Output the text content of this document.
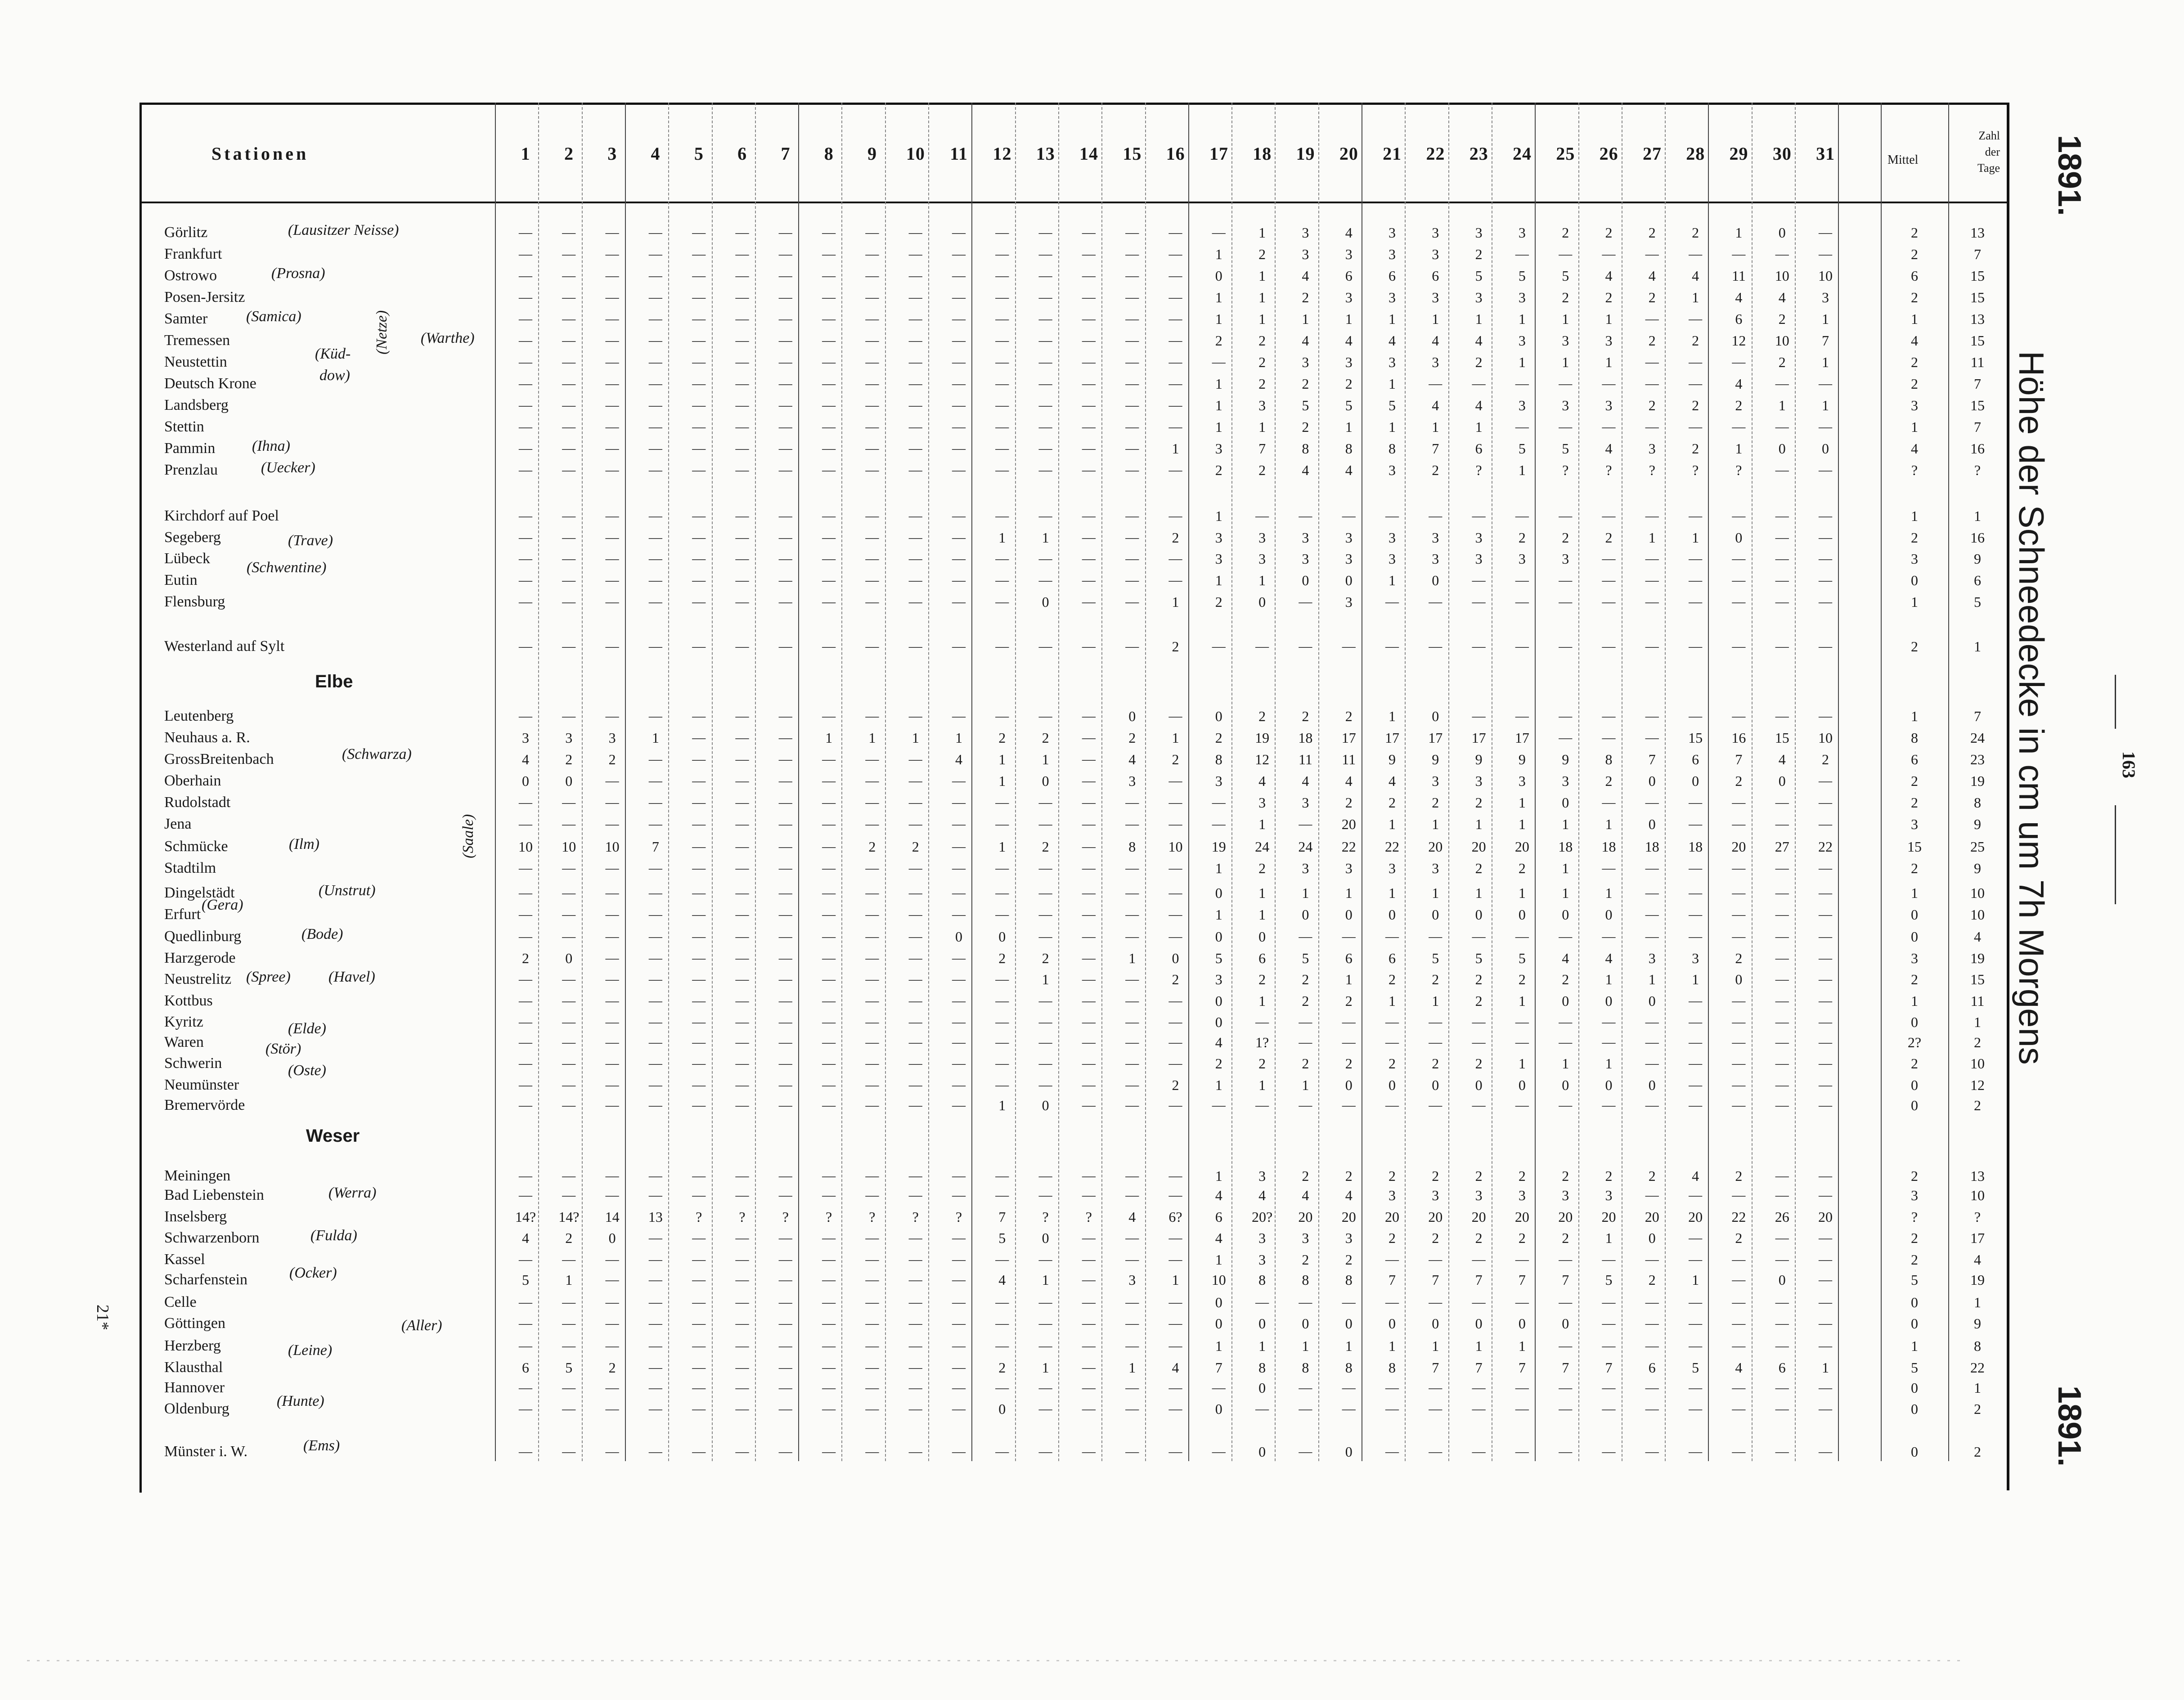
Stationen	1	2	3	4	5	6	7	8	9	10	11	12	13	14	15	16	17	18	19	20	21	22	23	24	25	26	27	28	29	30	31	Mittel
Zahl
der
Tage
Görlitz	—	—	—	—	—	—	—	—	—	—	—	—	—	—	—	—	—	1	3	4	3	3	3	3	2	2	2	2	1	0	—	2	13
Frankfurt	—	—	—	—	—	—	—	—	—	—	—	—	—	—	—	—	1	2	3	3	3	3	2	—	—	—	—	—	—	—	—	2	7
Ostrowo	—	—	—	—	—	—	—	—	—	—	—	—	—	—	—	—	0	1	4	6	6	6	5	5	5	4	4	4	11	10	10	6	15
Posen-Jersitz	—	—	—	—	—	—	—	—	—	—	—	—	—	—	—	—	1	1	2	3	3	3	3	3	2	2	2	1	4	4	3	2	15
Samter	—	—	—	—	—	—	—	—	—	—	—	—	—	—	—	—	1	1	1	1	1	1	1	1	1	1	—	—	6	2	1	1	13
Tremessen	—	—	—	—	—	—	—	—	—	—	—	—	—	—	—	—	2	2	4	4	4	4	4	3	3	3	2	2	12	10	7	4	15
Neustettin	—	—	—	—	—	—	—	—	—	—	—	—	—	—	—	—	—	2	3	3	3	3	2	1	1	1	—	—	—	2	1	2	11
Deutsch Krone	—	—	—	—	—	—	—	—	—	—	—	—	—	—	—	—	1	2	2	2	1	—	—	—	—	—	—	—	4	—	—	2	7
Landsberg	—	—	—	—	—	—	—	—	—	—	—	—	—	—	—	—	1	3	5	5	5	4	4	3	3	3	2	2	2	1	1	3	15
Stettin	—	—	—	—	—	—	—	—	—	—	—	—	—	—	—	—	1	1	2	1	1	1	1	—	—	—	—	—	—	—	—	1	7
Pammin	—	—	—	—	—	—	—	—	—	—	—	—	—	—	—	1	3	7	8	8	8	7	6	5	5	4	3	2	1	0	0	4	16
Prenzlau	—	—	—	—	—	—	—	—	—	—	—	—	—	—	—	—	2	2	4	4	3	2	?	1	?	?	?	?	?	—	—	?	?
Kirchdorf auf Poel	—	—	—	—	—	—	—	—	—	—	—	—	—	—	—	—	1	—	—	—	—	—	—	—	—	—	—	—	—	—	—	1	1
Segeberg	—	—	—	—	—	—	—	—	—	—	—	1	1	—	—	2	3	3	3	3	3	3	3	2	2	2	1	1	0	—	—	2	16
Lübeck	—	—	—	—	—	—	—	—	—	—	—	—	—	—	—	—	3	3	3	3	3	3	3	3	3	—	—	—	—	—	—	3	9
Eutin	—	—	—	—	—	—	—	—	—	—	—	—	—	—	—	—	1	1	0	0	1	0	—	—	—	—	—	—	—	—	—	0	6
Flensburg	—	—	—	—	—	—	—	—	—	—	—	—	0	—	—	1	2	0	—	3	—	—	—	—	—	—	—	—	—	—	—	1	5
Westerland auf Sylt	—	—	—	—	—	—	—	—	—	—	—	—	—	—	—	2	—	—	—	—	—	—	—	—	—	—	—	—	—	—	—	2	1
Leutenberg	—	—	—	—	—	—	—	—	—	—	—	—	—	—	0	—	0	2	2	2	1	0	—	—	—	—	—	—	—	—	—	1	7
Neuhaus a. R.	3	3	3	1	—	—	—	1	1	1	1	2	2	—	2	1	2	19	18	17	17	17	17	17	—	—	—	15	16	15	10	8	24
GrossBreitenbach	4	2	2	—	—	—	—	—	—	—	4	1	1	—	4	2	8	12	11	11	9	9	9	9	9	8	7	6	7	4	2	6	23
Oberhain	0	0	—	—	—	—	—	—	—	—	—	1	0	—	3	—	3	4	4	4	4	3	3	3	3	2	0	0	2	0	—	2	19
Rudolstadt	—	—	—	—	—	—	—	—	—	—	—	—	—	—	—	—	—	3	3	2	2	2	2	1	0	—	—	—	—	—	—	2	8
Jena	—	—	—	—	—	—	—	—	—	—	—	—	—	—	—	—	—	1	—	20	1	1	1	1	1	1	0	—	—	—	—	3	9
Schmücke	10	10	10	7	—	—	—	—	2	2	—	1	2	—	8	10	19	24	24	22	22	20	20	20	18	18	18	18	20	27	22	15	25
Stadtilm	—	—	—	—	—	—	—	—	—	—	—	—	—	—	—	—	1	2	3	3	3	3	2	2	1	—	—	—	—	—	—	2	9
Dingelstädt	—	—	—	—	—	—	—	—	—	—	—	—	—	—	—	—	0	1	1	1	1	1	1	1	1	1	—	—	—	—	—	1	10
Erfurt	—	—	—	—	—	—	—	—	—	—	—	—	—	—	—	—	1	1	0	0	0	0	0	0	0	0	—	—	—	—	—	0	10
Quedlinburg	—	—	—	—	—	—	—	—	—	—	0	0	—	—	—	—	0	0	—	—	—	—	—	—	—	—	—	—	—	—	—	0	4
Harzgerode	2	0	—	—	—	—	—	—	—	—	—	2	2	—	1	0	5	6	5	6	6	5	5	5	4	4	3	3	2	—	—	3	19
Neustrelitz	—	—	—	—	—	—	—	—	—	—	—	—	1	—	—	2	3	2	2	1	2	2	2	2	2	1	1	1	0	—	—	2	15
Kottbus	—	—	—	—	—	—	—	—	—	—	—	—	—	—	—	—	0	1	2	2	1	1	2	1	0	0	0	—	—	—	—	1	11
Kyritz	—	—	—	—	—	—	—	—	—	—	—	—	—	—	—	—	0	—	—	—	—	—	—	—	—	—	—	—	—	—	—	0	1
Waren	—	—	—	—	—	—	—	—	—	—	—	—	—	—	—	—	4	1?	—	—	—	—	—	—	—	—	—	—	—	—	—	2?	2
Schwerin	—	—	—	—	—	—	—	—	—	—	—	—	—	—	—	—	2	2	2	2	2	2	2	1	1	1	—	—	—	—	—	2	10
Neumünster	—	—	—	—	—	—	—	—	—	—	—	—	—	—	—	2	1	1	1	0	0	0	0	0	0	0	0	—	—	—	—	0	12
Bremervörde	—	—	—	—	—	—	—	—	—	—	—	1	0	—	—	—	—	—	—	—	—	—	—	—	—	—	—	—	—	—	—	0	2
Meiningen	—	—	—	—	—	—	—	—	—	—	—	—	—	—	—	—	1	3	2	2	2	2	2	2	2	2	2	4	2	—	—	2	13
Bad Liebenstein	—	—	—	—	—	—	—	—	—	—	—	—	—	—	—	—	4	4	4	4	3	3	3	3	3	3	—	—	—	—	—	3	10
Inselsberg	14?	14?	14	13	?	?	?	?	?	?	?	7	?	?	4	6?	6	20?	20	20	20	20	20	20	20	20	20	20	22	26	20	?	?
Schwarzenborn	4	2	0	—	—	—	—	—	—	—	—	5	0	—	—	—	4	3	3	3	2	2	2	2	2	1	0	—	2	—	—	2	17
Kassel	—	—	—	—	—	—	—	—	—	—	—	—	—	—	—	—	1	3	2	2	—	—	—	—	—	—	—	—	—	—	—	2	4
Scharfenstein	5	1	—	—	—	—	—	—	—	—	—	4	1	—	3	1	10	8	8	8	7	7	7	7	7	5	2	1	—	0	—	5	19
Celle	—	—	—	—	—	—	—	—	—	—	—	—	—	—	—	—	0	—	—	—	—	—	—	—	—	—	—	—	—	—	—	0	1
Göttingen	—	—	—	—	—	—	—	—	—	—	—	—	—	—	—	—	0	0	0	0	0	0	0	0	0	—	—	—	—	—	—	0	9
Herzberg	—	—	—	—	—	—	—	—	—	—	—	—	—	—	—	—	1	1	1	1	1	1	1	1	—	—	—	—	—	—	—	1	8
Klausthal	6	5	2	—	—	—	—	—	—	—	—	2	1	—	1	4	7	8	8	8	8	7	7	7	7	7	6	5	4	6	1	5	22
Hannover	—	—	—	—	—	—	—	—	—	—	—	—	—	—	—	—	—	0	—	—	—	—	—	—	—	—	—	—	—	—	—	0	1
Oldenburg	—	—	—	—	—	—	—	—	—	—	—	0	—	—	—	—	0	—	—	—	—	—	—	—	—	—	—	—	—	—	—	0	2
Münster i. W.	—	—	—	—	—	—	—	—	—	—	—	—	—	—	—	—	—	0	—	0	—	—	—	—	—	—	—	—	—	—	—	0	2
(Lausitzer Neisse)
(Prosna)
(Samica)
(Warthe)
(Netze)
(Küd-
dow)
(Ihna)
(Uecker)
(Trave)
(Schwentine)
(Schwarza)
(Saale)
(Ilm)
(Unstrut)
(Gera)
(Bode)
(Spree) (Havel)
(Elde)
(Stör)
(Oste)
(Werra)
(Fulda)
(Ocker)
(Aller)
(Leine)
(Hunte)
(Ems)
Elbe
Weser
1891.
Höhe der Schneedecke in cm um 7h Morgens	163
1891.
21*
